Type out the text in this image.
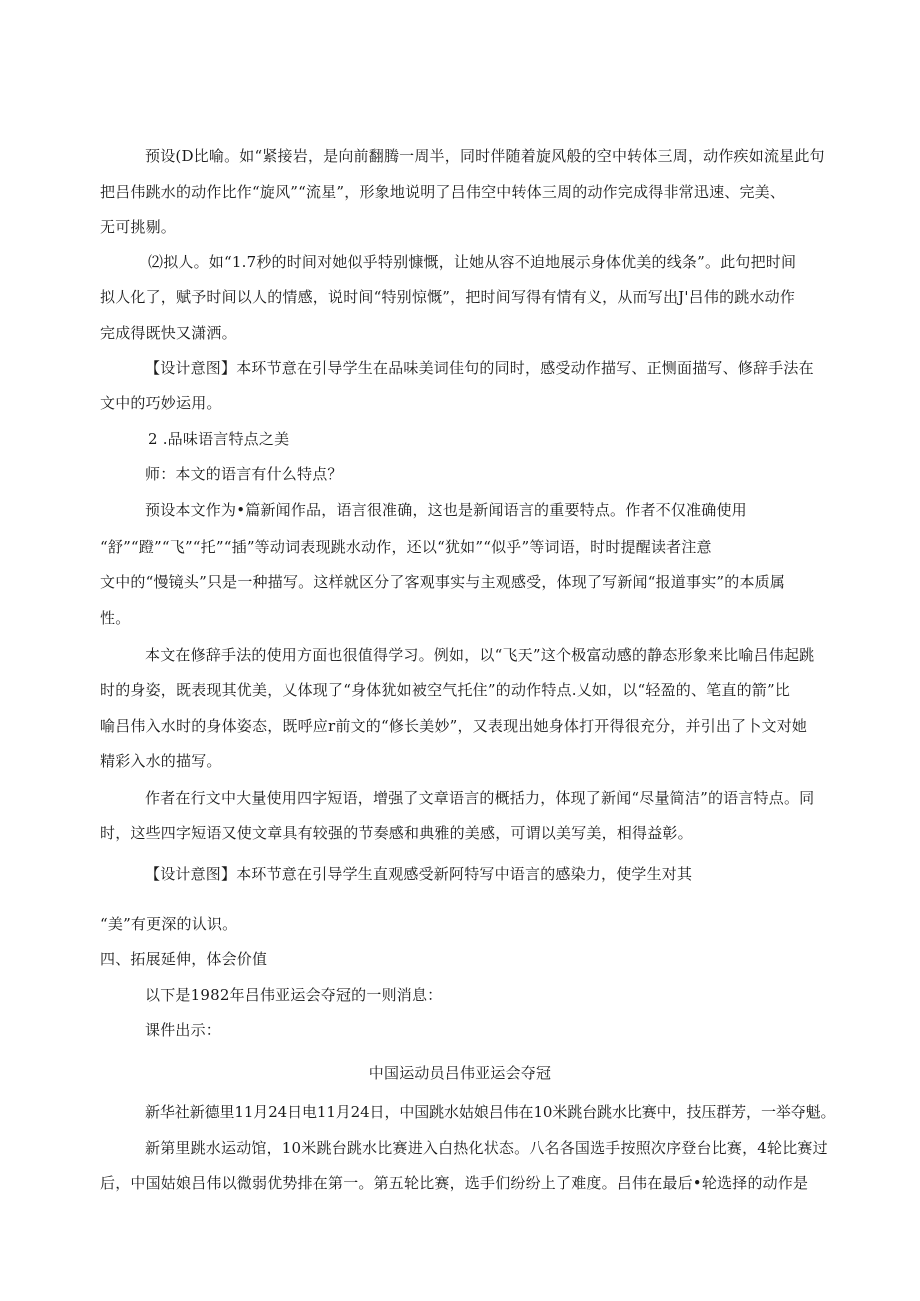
预设(D比喻。如“紧接岩，是向前翻腾一周半，同时伴随着旋风般的空中转体三周，动作疾如流星此句
把吕伟跳水的动作比作“旋风”“流星”，形象地说明了吕伟空中转体三周的动作完成得非常迅速、完美、
无可挑剔。
⑵拟人。如“1.7秒的时间对她似乎特别慷慨，让她从容不迫地展示身体优美的线条”。此句把时间
拟人化了，赋予时间以人的情感，说时间“特别惊慨”，把时间写得有情有义，从而写出J'吕伟的跳水动作
完成得既快又潇洒。
【设计意图】本环节意在引导学生在品味美词佳句的同时，感受动作描写、正恻面描写、修辞手法在
文中的巧妙运用。
2 .品味语言特点之美
师：本文的语言有什么特点？
预设本文作为•篇新闻作品，语言很准确，这也是新闻语言的重要特点。作者不仅准确使用
“舒”“蹬”“飞”“托”“插”等动词表现跳水动作，还以“犹如”“似乎”等词语，时时提醒读者注意
文中的“慢镜头”只是一种描写。这样就区分了客观事实与主观感受，体现了写新闻“报道事实”的本质属
性。
本文在修辞手法的使用方面也很值得学习。例如，以“飞天”这个极富动感的静态形象来比喻吕伟起跳
时的身姿，既表现其优美，乂体现了“身体犹如被空气托住”的动作特点.乂如，以“轻盈的、笔直的箭”比
喻吕伟入水时的身体姿态，既呼应r前文的“修长美妙”，又表现出她身体打开得很充分，并引出了卜文对她
精彩入水的描写。
作者在行文中大量使用四字短语，增强了文章语言的概括力，体现了新闻“尽量简洁”的语言特点。同
时，这些四字短语又使文章具有较强的节奏感和典雅的美感，可谓以美写美，相得益彰。
【设计意图】本环节意在引导学生直观感受新阿特写中语言的感染力，使学生对其
“美”有更深的认识。
四、拓展延伸，体会价值
以下是1982年吕伟亚运会夺冠的一则消息：
课件出示：
中国运动员吕伟亚运会夺冠
新华社新德里11月24日电11月24日，中国跳水姑娘吕伟在10米跳台跳水比赛中，技压群芳，一举夺魁。
新第里跳水运动馆，10米跳台跳水比赛进入白热化状态。八名各国选手按照次序登台比赛，4轮比赛过
后，中国姑娘吕伟以微弱优势排在第一。第五轮比赛，选手们纷纷上了难度。吕伟在最后•轮选择的动作是
